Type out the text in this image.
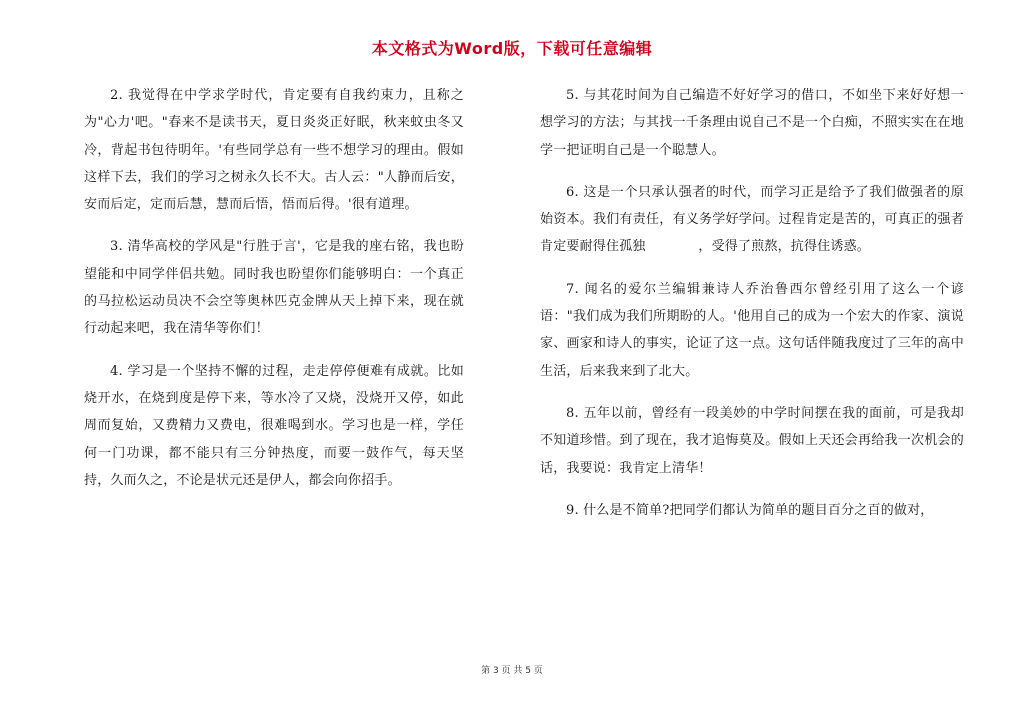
本文格式为Word版，下载可任意编辑

2. 我觉得在中学求学时代，肯定要有自我约束力，且称之为"心力'吧。"春来不是读书天，夏日炎炎正好眠，秋来蚊虫冬又冷，背起书包待明年。'有些同学总有一些不想学习的理由。假如这样下去，我们的学习之树永久长不大。古人云："人静而后安，安而后定，定而后慧，慧而后悟，悟而后得。'很有道理。

3. 清华高校的学风是"行胜于言'，它是我的座右铭，我也盼望能和中同学伴侣共勉。同时我也盼望你们能够明白：一个真正的马拉松运动员决不会空等奥林匹克金牌从天上掉下来，现在就行动起来吧，我在清华等你们！

4. 学习是一个坚持不懈的过程，走走停停便难有成就。比如烧开水，在烧到度是停下来，等水冷了又烧，没烧开又停，如此周而复始，又费精力又费电，很难喝到水。学习也是一样，学任何一门功课，都不能只有三分钟热度，而要一鼓作气，每天坚持，久而久之，不论是状元还是伊人，都会向你招手。

5. 与其花时间为自己编造不好好学习的借口，不如坐下来好好想一想学习的方法；与其找一千条理由说自己不是一个白痴，不照实实在在地学一把证明自己是一个聪慧人。

6. 这是一个只承认强者的时代，而学习正是给予了我们做强者的原始资本。我们有责任，有义务学好学问。过程肯定是苦的，可真正的强者肯定要耐得住孤独　　　　，受得了煎熬，抗得住诱惑。

7. 闻名的爱尔兰编辑兼诗人乔治鲁西尔曾经引用了这么一个谚语："我们成为我们所期盼的人。'他用自己的成为一个宏大的作家、演说家、画家和诗人的事实，论证了这一点。这句话伴随我度过了三年的高中生活，后来我来到了北大。

8. 五年以前，曾经有一段美妙的中学时间摆在我的面前，可是我却不知道珍惜。到了现在，我才追悔莫及。假如上天还会再给我一次机会的话，我要说：我肯定上清华！

9. 什么是不简单?把同学们都认为简单的题目百分之百的做对，

第 3 页 共 5 页
